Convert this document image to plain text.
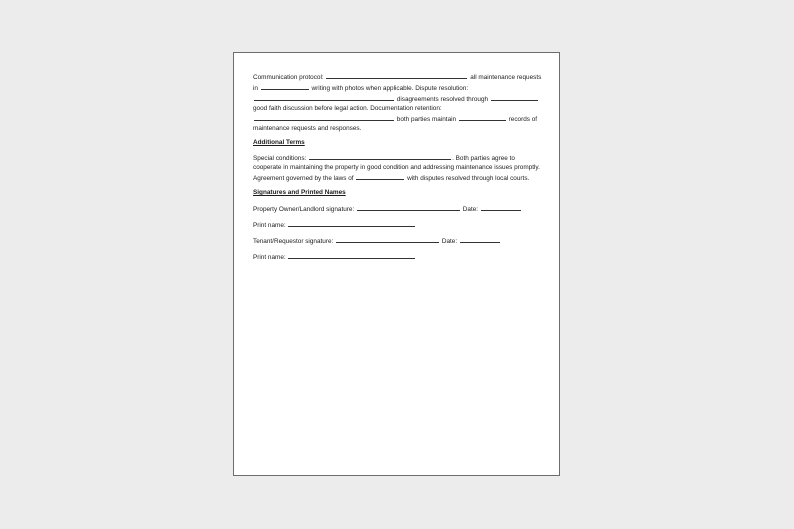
Communication protocol:	all maintenance requests in	writing with photos when applicable. Dispute resolution:  disagreements resolved through  good faith discussion before legal action. Documentation retention:  both parties maintain	records of maintenance requests and responses.

Additional Terms

Special conditions:	. Both parties agree to cooperate in maintaining the property in good condition and addressing maintenance issues promptly. Agreement governed by the laws of	with disputes resolved through local courts.

Signatures and Printed Names

Property Owner/Landlord signature:	Date:

Print name:

Tenant/Requestor signature:	Date:

Print name:
